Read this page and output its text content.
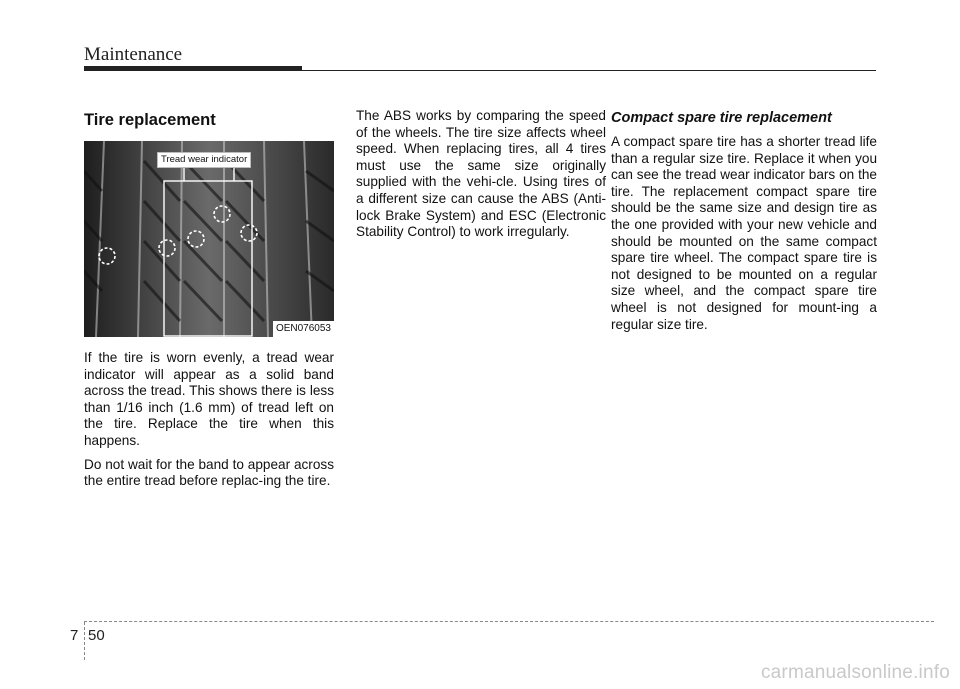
Maintenance
Tire replacement
Tread wear indicator
OEN076053

If the tire is worn evenly, a tread wear indicator will appear as a solid band across the tread. This shows there is less than 1/16 inch (1.6 mm) of tread left on the tire. Replace the tire when this happens.

Do not wait for the band to appear across the entire tread before replac-ing the tire.

The ABS works by comparing the speed of the wheels. The tire size affects wheel speed. When replacing tires, all 4 tires must use the same size originally supplied with the vehi-cle. Using tires of a different size can cause the ABS (Anti-lock Brake System) and ESC (Electronic Stability Control) to work irregularly.

Compact spare tire replacement

A compact spare tire has a shorter tread life than a regular size tire. Replace it when you can see the tread wear indicator bars on the tire. The replacement compact spare tire should be the same size and design tire as the one provided with your new vehicle and should be mounted on the same compact spare tire wheel. The compact spare tire is not designed to be mounted on a regular size wheel, and the compact spare tire wheel is not designed for mount-ing a regular size tire.

7 50
carmanualsonline.info
